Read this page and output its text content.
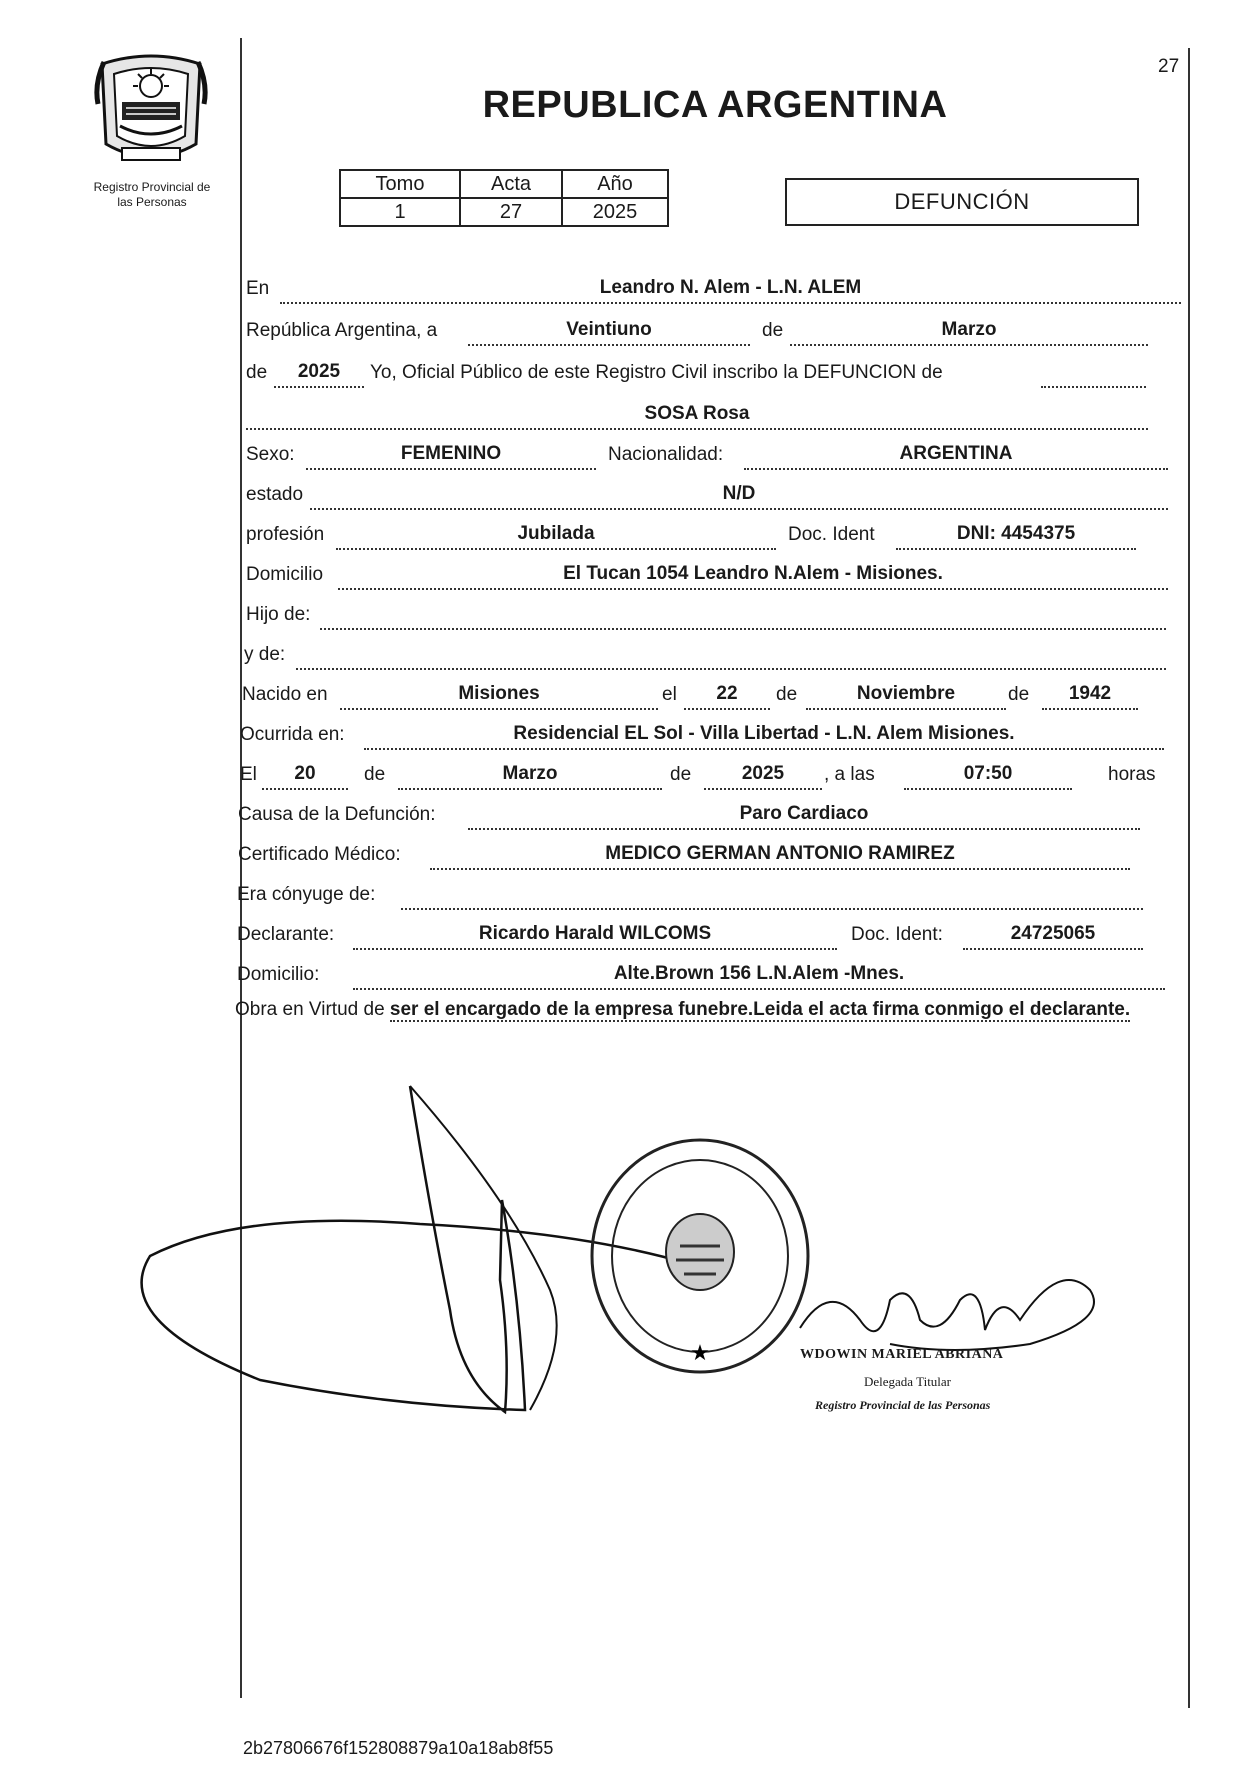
27
Registro Provincial de
las Personas
REPUBLICA ARGENTINA
Tomo	Acta	Año
1	27	2025	DEFUNCIÓN
En	Leandro N. Alem - L.N. ALEM
República Argentina, a	Veintiuno	de	Marzo
de	2025	Yo, Oficial Público de este Registro Civil inscribo la DEFUNCION de
SOSA Rosa
Sexo:	FEMENINO	Nacionalidad:	ARGENTINA
estado	N/D
profesión	Jubilada	Doc. Ident	DNI: 4454375
Domicilio	El Tucan 1054 Leandro N.Alem - Misiones.
Hijo de:
y de:
Nacido en	Misiones	el	22	de	Noviembre	de	1942
Ocurrida en:	Residencial EL Sol - Villa Libertad - L.N. Alem Misiones.
El	20	de	Marzo	de	2025	, a las	07:50	horas
Causa de la Defunción:	Paro Cardiaco
Certificado Médico:	MEDICO GERMAN ANTONIO RAMIREZ
Era cónyuge de:
Declarante:	Ricardo Harald WILCOMS	Doc. Ident:	24725065
Domicilio:	Alte.Brown 156 L.N.Alem -Mnes.
Obra en Virtud de ser el encargado de la empresa funebre.Leida el acta firma conmigo el declarante.
★	WDOWIN MARIEL ABRIANA
Delegada Titular
Registro Provincial de las Personas
2b27806676f152808879a10a18ab8f55
